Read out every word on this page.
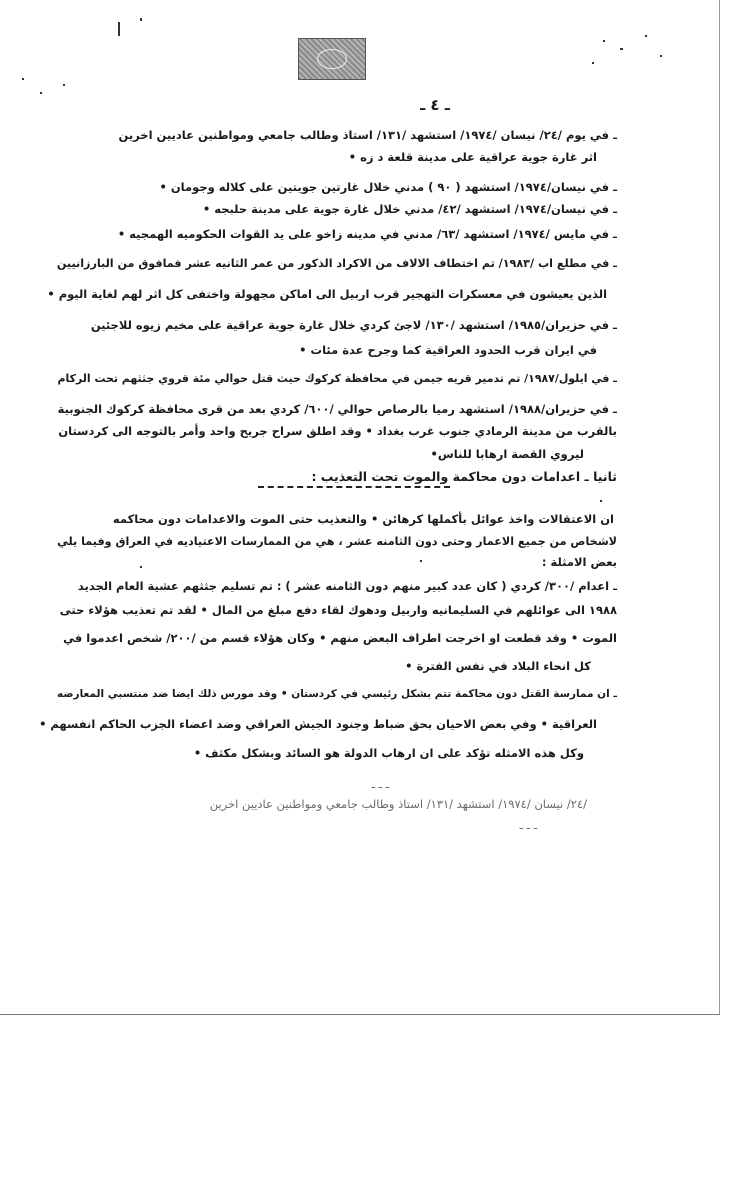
ـ ٤ ـ
ـ في يوم /٢٤/ نيسان /١٩٧٤/ استشهد /١٣١/ استاذ وطالب جامعي ومواطنين عاديين اخرين
اثر غارة جوية عراقية على مدينة قلعة د زه •
ـ في نيسان/١٩٧٤/ استشهد ( ٩٠ ) مدني خلال غارتين جويتين على كلاله وجومان •
ـ في نيسان/١٩٧٤/ استشهد /٤٢/ مدني خلال غارة جوية على مدينة حلبجه •
ـ في مايس /١٩٧٤/ استشهد /٦٣/ مدني في مدينه زاخو على يد القوات الحكوميه الهمجيه •
ـ في مطلع اب /١٩٨٣/ تم اختطاف الالاف من الاكراد الذكور من عمر الثانيه عشر فمافوق من البارزانيين
الذين يعيشون في معسكرات التهجير قرب اربيل الى اماكن مجهولة واختفى كل اثر لهم لغاية اليوم •
ـ في حزيران/١٩٨٥/ استشهد /١٣٠/ لاجئ كردي خلال غارة جوية عراقية على مخيم زيوه للاجئين
في ايران قرب الحدود العراقية كما وجرح عدة مئات •
ـ في ايلول/١٩٨٧/ تم تدمير قريه جيمن في محافظة كركوك حيث قتل حوالي مئة قروي جثثهم تحت الركام
ـ في حزيران/١٩٨٨/ استشهد رميا بالرصاص حوالي /٦٠٠/ كردي بعد من قرى محافظة كركوك الجنوبية
بالقرب من مدينة الرمادي جنوب غرب بغداد • وقد اطلق سراح جريح واحد وأمر بالتوجه الى كردستان
ليروي القصة ارهابا للناس•
ثانيا ـ اعدامات دون محاكمة والموت تحت التعذيب :
ان الاعتقالات واخذ عوائل بأكملها كرهائن • والتعذيب حتى الموت والاعدامات دون محاكمه
لاشخاص من جميع الاعمار وحتى دون الثامنه عشر ، هي من الممارسات الاعتياديه في العراق وفيما يلي
بعض الامثلة :
ـ اعدام /٣٠٠/ كردي ( كان عدد كبير منهم دون الثامنه عشر ) : تم تسليم جثثهم عشية العام الجديد
١٩٨٨ الى عوائلهم في السليمانيه واربيل ودهوك لقاء دفع مبلغ من المال • لقد تم تعذيب هؤلاء حتى
الموت • وقد قطعت او اخرجت اطراف البعض منهم • وكان هؤلاء قسم من /٢٠٠/ شخص اعدموا في
كل انحاء البلاد في نفس الفترة •
ـ ان ممارسة القتل دون محاكمة تتم بشكل رئيسي في كردستان • وقد مورس ذلك ايضا ضد منتسبي المعارضه
العراقية • وفي بعض الاحيان بحق ضباط وجنود الجيش العراقي وضد اعضاء الجزب الحاكم انفسهم •
وكل هذه الامثله تؤكد على ان ارهاب الدولة هو السائد وبشكل مكثف •
ـ ـ ـ
/٢٤/ نيسان /١٩٧٤/ استشهد /١٣١/ استاذ وطالب جامعي ومواطنين عاديين اخرين
ـ ـ ـ
